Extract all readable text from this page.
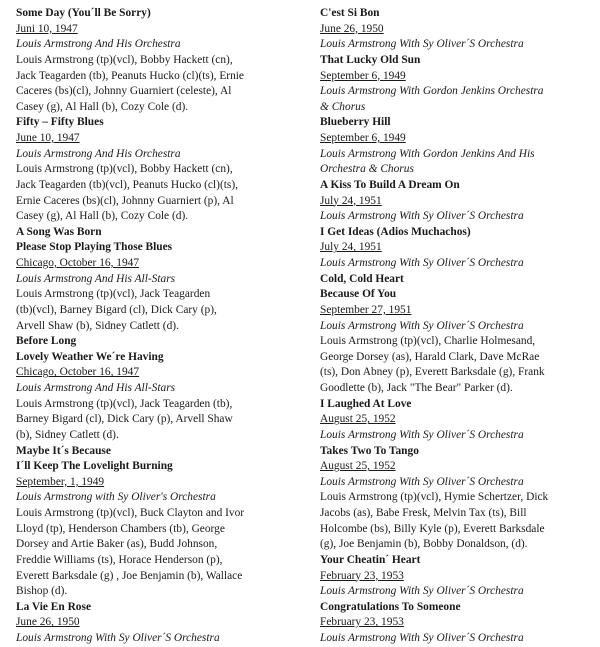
Some Day (You´ll Be Sorry)
Juni 10, 1947
Louis Armstrong And His Orchestra
Louis Armstrong (tp)(vcl), Bobby Hackett (cn),
Jack Teagarden (tb), Peanuts Hucko (cl)(ts), Ernie
Caceres (bs)(cl), Johnny Guarniert (celeste), Al
Casey (g), Al Hall (b), Cozy Cole (d).
Fifty – Fifty Blues
June 10, 1947
Louis Armstrong And His Orchestra
Louis Armstrong (tp)(vcl), Bobby Hackett (cn),
Jack Teagarden (tb)(vcl), Peanuts Hucko (cl)(ts),
Ernie Caceres (bs)(cl), Johnny Guarniert (p), Al
Casey (g), Al Hall (b), Cozy Cole (d).
A Song Was Born
Please Stop Playing Those Blues
Chicago, October 16, 1947
Louis Armstrong And His All-Stars
Louis Armstrong (tp)(vcl), Jack Teagarden
(tb)(vcl), Barney Bigard (cl), Dick Cary (p),
Arvell Shaw (b), Sidney Catlett (d).
Before Long
Lovely Weather We´re Having
Chicago, October 16, 1947
Louis Armstrong And His All-Stars
Louis Armstrong (tp)(vcl), Jack Teagarden (tb),
Barney Bigard (cl), Dick Cary (p), Arvell Shaw
(b), Sidney Catlett (d).
Maybe It´s Because
I´ll Keep The Lovelight Burning
September, 1, 1949
Louis Armstrong with Sy Oliver's Orchestra
Louis Armstrong (tp)(vcl), Buck Clayton and Ivor
Lloyd (tp), Henderson Chambers (tb), George
Dorsey and Artie Baker (as), Budd Johnson,
Freddie Williams (ts), Horace Henderson (p),
Everett Barksdale (g) , Joe Benjamin (b), Wallace
Bishop (d).
La Vie En Rose
June 26, 1950
Louis Armstrong With Sy Oliver´S Orchestra
C'est Si Bon
June 26, 1950
Louis Armstrong With Sy Oliver´S Orchestra
That Lucky Old Sun
September 6, 1949
Louis Armstrong With Gordon Jenkins Orchestra
& Chorus
Blueberry Hill
September 6, 1949
Louis Armstrong With Gordon Jenkins And His
Orchestra & Chorus
A Kiss To Build A Dream On
July 24, 1951
Louis Armstrong With Sy Oliver´S Orchestra
I Get Ideas (Adios Muchachos)
July 24, 1951
Louis Armstrong With Sy Oliver´S Orchestra
Cold, Cold Heart
Because Of You
September 27, 1951
Louis Armstrong With Sy Oliver´S Orchestra
Louis Armstrong (tp)(vcl), Charlie Holmesand,
George Dorsey (as), Harald Clark, Dave McRae
(ts), Don Abney (p), Everett Barksdale (g), Frank
Goodlette (b), Jack "The Bear" Parker (d).
I Laughed At Love
August 25, 1952
Louis Armstrong With Sy Oliver´S Orchestra
Takes Two To Tango
August 25, 1952
Louis Armstrong With Sy Oliver´S Orchestra
Louis Armstrong (tp)(vcl), Hymie Schertzer, Dick
Jacobs (as), Babe Fresk, Melvin Tax (ts), Bill
Holcombe (bs), Billy Kyle (p), Everett Barksdale
(g), Joe Benjamin (b), Bobby Donaldson, (d).
Your Cheatin´ Heart
February 23, 1953
Louis Armstrong With Sy Oliver´S Orchestra
Congratulations To Someone
February 23, 1953
Louis Armstrong With Sy Oliver´S Orchestra
